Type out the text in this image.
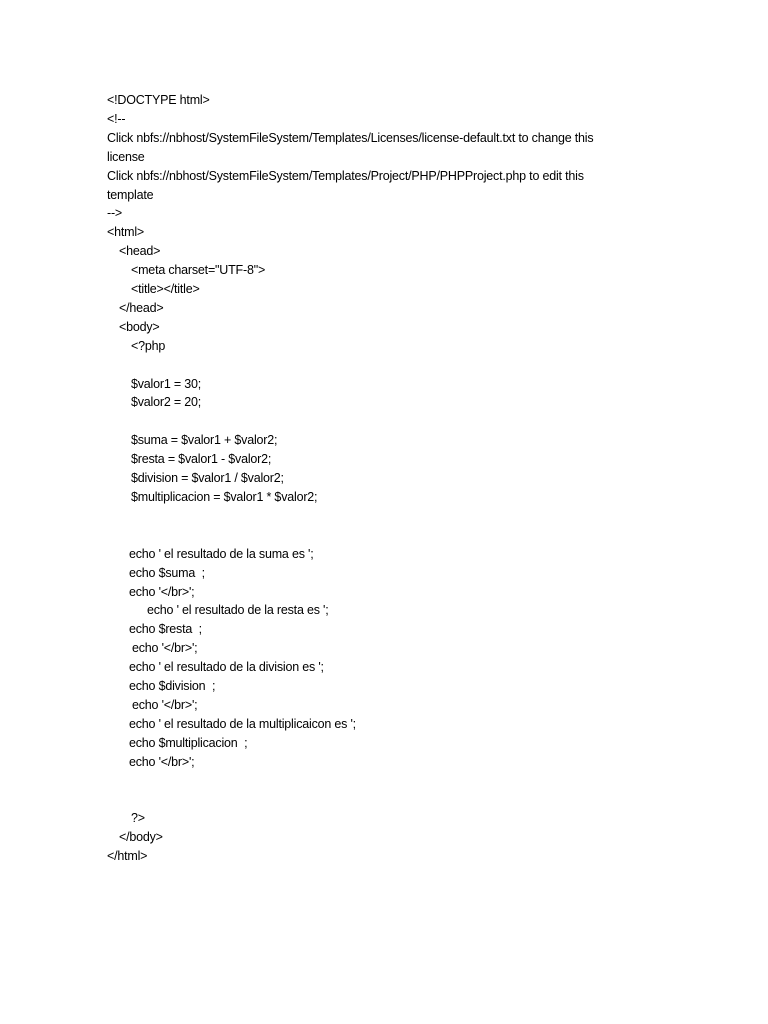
<!DOCTYPE html>
<!--
Click nbfs://nbhost/SystemFileSystem/Templates/Licenses/license-default.txt to change this
license
Click nbfs://nbhost/SystemFileSystem/Templates/Project/PHP/PHPProject.php to edit this
template
-->
<html>
<head>
<meta charset="UTF-8">
<title></title>
</head>
<body>
<?php
$valor1 = 30;
$valor2 = 20;
$suma = $valor1 + $valor2;
$resta = $valor1 - $valor2;
$division = $valor1 / $valor2;
$multiplicacion = $valor1 * $valor2;
echo ' el resultado de la suma es ';
echo $suma  ;
echo '</br>';
echo ' el resultado de la resta es ';
echo $resta  ;
echo '</br>';
echo ' el resultado de la division es ';
echo $division  ;
echo '</br>';
echo ' el resultado de la multiplicaicon es ';
echo $multiplicacion  ;
echo '</br>';
?>
</body>
</html>
